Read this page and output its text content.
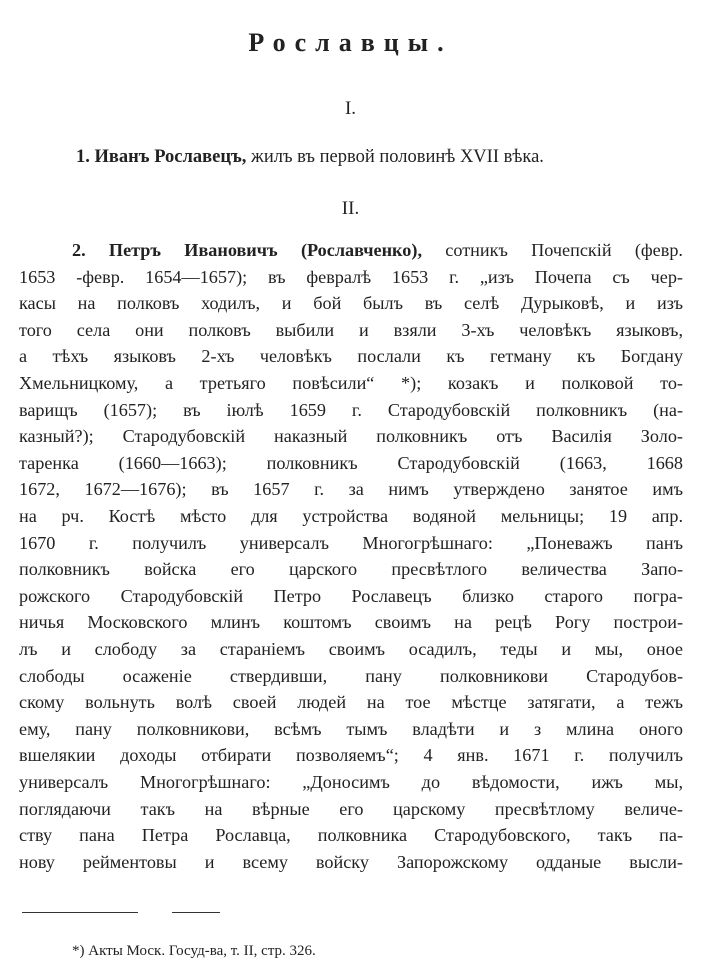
Рославцы.
I.
1. Иванъ Рославецъ, жилъ въ первой половинѣ XVII вѣка.
II.
2. Петръ Ивановичъ (Рославченко), сотникъ Почепскій (февр.
1653 -февр. 1654—1657); въ февралѣ 1653 г. „изъ Почепа съ чер-
касы на полковъ ходилъ, и бой былъ въ селѣ Дурыковѣ, и изъ
того села они полковъ выбили и взяли 3-хъ человѣкъ языковъ,
а тѣхъ языковъ 2-хъ человѣкъ послали къ гетману къ Богдану
Хмельницкому, а третьяго повѣсили“ *); козакъ и полковой то-
варищъ (1657); въ іюлѣ 1659 г. Стародубовскій полковникъ (на-
казный?); Стародубовскій наказный полковникъ отъ Василія Золо-
таренка (1660—1663); полковникъ Стародубовскій (1663, 1668
1672, 1672—1676); въ 1657 г. за нимъ утверждено занятое имъ
на рч. Костѣ мѣсто для устройства водяной мельницы; 19 апр.
1670 г. получилъ универсалъ Многогрѣшнаго: „Поневажъ панъ
полковникъ войска его царского пресвѣтлого величества Запо-
рожского Стародубовскій Петро Рославецъ близко старого погра-
ничья Московского млинъ коштомъ своимъ на рецѣ Рогу построи-
лъ и слободу за старанiемъ своимъ осадилъ, теды и мы, оное
слободы осаженіе ствердивши, пану полковникови Стародубов-
скому вольнуть волѣ своей людей на тое мѣстце затягати, а тежъ
ему, пану полковникови, всѣмъ тымъ владѣти и з млина оного
вшелякии доходы отбирати позволяемъ“; 4 янв. 1671 г. получилъ
универсалъ Многогрѣшнаго: „Доносимъ до вѣдомости, ижъ мы,
поглядаючи такъ на вѣрные его царскому пресвѣтлому величе-
ству пана Петра Рославца, полковника Стародубовского, такъ па-
нову рейментовы и всему войску Запорожскому одданые высли-
*) Акты Моск. Госуд-ва, т. II, стр. 326.
